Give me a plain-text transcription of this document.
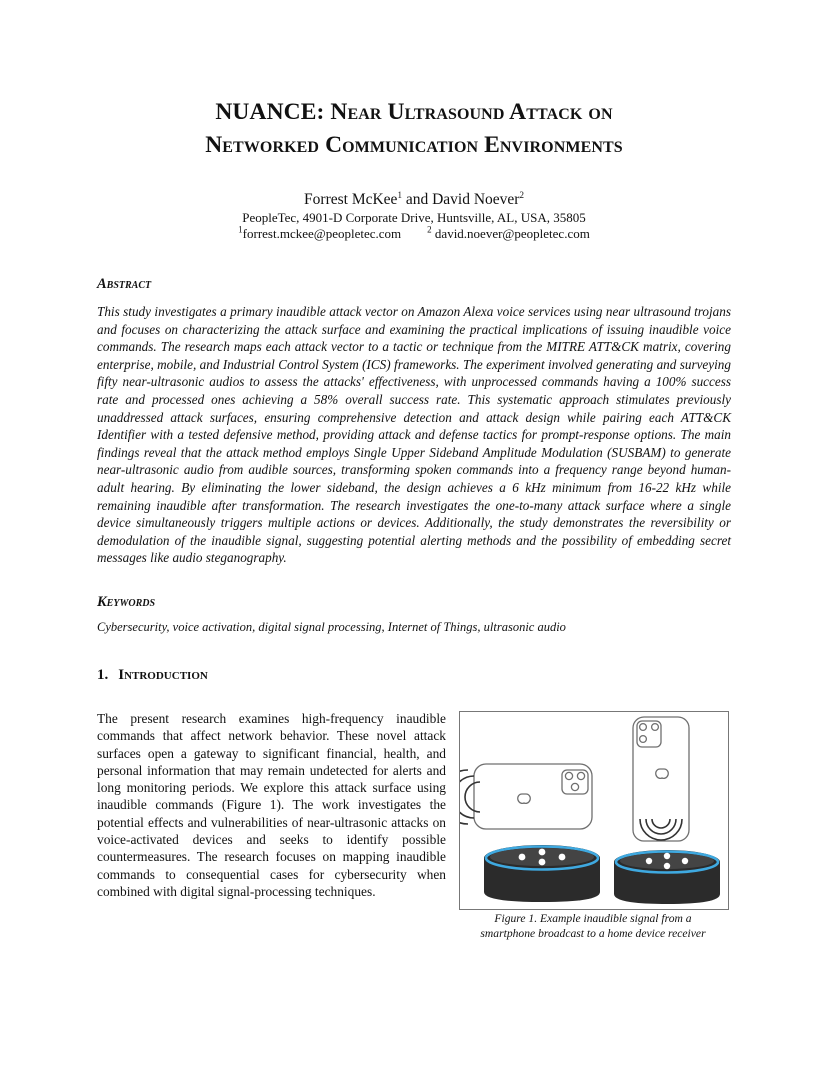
NUANCE: Near Ultrasound Attack on
Networked Communication Environments
Forrest McKee$^1$ and David Noever$^2$
PeopleTec, 4901-D Corporate Drive, Huntsville, AL, USA, 35805
$^1$forrest.mckee@peopletec.com	$^2$ david.noever@peopletec.com
Abstract

This study investigates a primary inaudible attack vector on Amazon Alexa voice services using near ultrasound trojans and focuses on characterizing the attack surface and examining the practical implications of issuing inaudible voice commands. The research maps each attack vector to a tactic or technique from the MITRE ATT&CK matrix, covering enterprise, mobile, and Industrial Control System (ICS) frameworks. The experiment involved generating and surveying fifty near-ultrasonic audios to assess the attacks' effectiveness, with unprocessed commands having a 100% success rate and processed ones achieving a 58% overall success rate. This systematic approach stimulates previously unaddressed attack surfaces, ensuring comprehensive detection and attack design while pairing each ATT&CK Identifier with a tested defensive method, providing attack and defense tactics for prompt-response options. The main findings reveal that the attack method employs Single Upper Sideband Amplitude Modulation (SUSBAM) to generate near-ultrasonic audio from audible sources, transforming spoken commands into a frequency range beyond human-adult hearing. By eliminating the lower sideband, the design achieves a 6 kHz minimum from 16-22 kHz while remaining inaudible after transformation. The research investigates the one-to-many attack surface where a single device simultaneously triggers multiple actions or devices. Additionally, the study demonstrates the reversibility or demodulation of the inaudible signal, suggesting potential alerting methods and the possibility of embedding secret messages like audio steganography.

Keywords

Cybersecurity, voice activation, digital signal processing, Internet of Things, ultrasonic audio

1. Introduction

The present research examines high-frequency inaudible commands that affect network behavior. These novel attack surfaces open a gateway to significant financial, health, and personal information that may remain undetected for alerts and long monitoring periods. We explore this attack surface using inaudible commands (Figure 1). The work investigates the potential effects and vulnerabilities of near-ultrasonic attacks on voice-activated devices and seeks to identify possible countermeasures. The research focuses on mapping inaudible commands to consequential cases for cybersecurity when combined with digital signal-processing techniques.

Figure 1. Example inaudible signal from a
smartphone broadcast to a home device receiver
